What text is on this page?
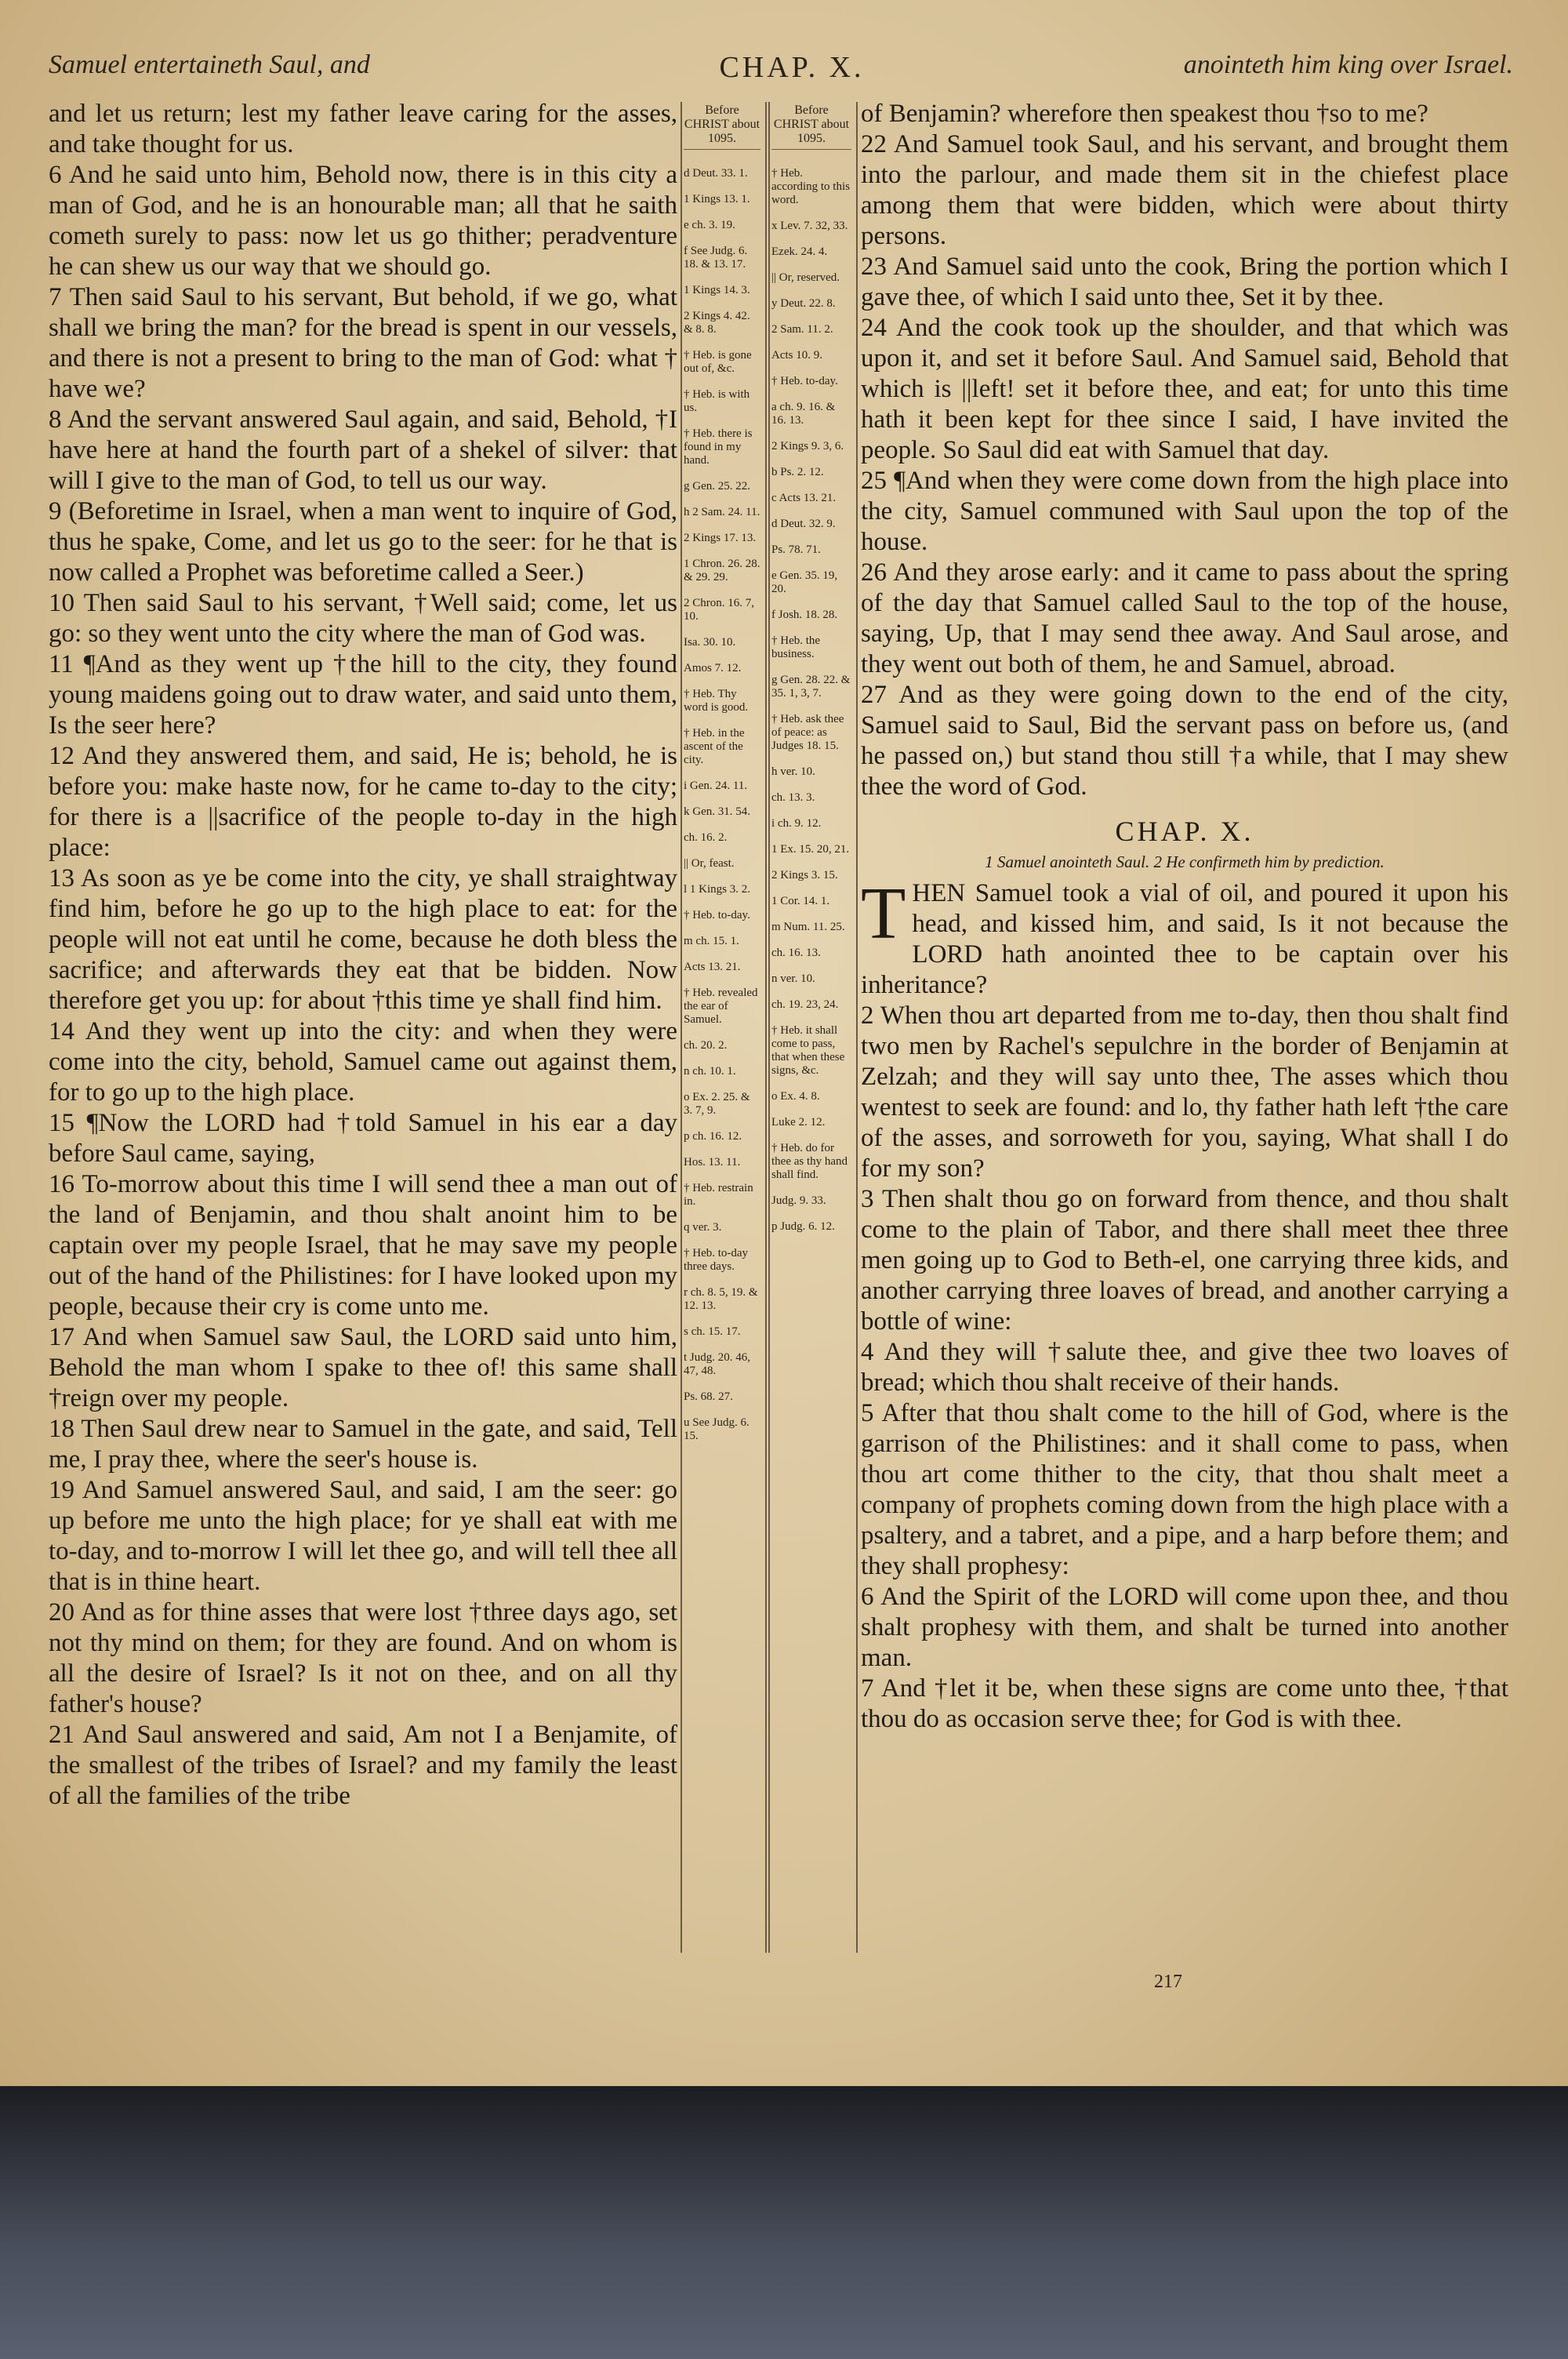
Samuel entertaineth Saul, and	CHAP. X.	anointeth him king over Israel.

and let us return; lest my father leave caring for the asses, and take thought for us.

6 And he said unto him, Behold now, there is in this city a man of God, and he is an honourable man; all that he saith cometh surely to pass: now let us go thither; peradventure he can shew us our way that we should go.

7 Then said Saul to his servant, But behold, if we go, what shall we bring the man? for the bread is spent in our vessels, and there is not a present to bring to the man of God: what † have we?

8 And the servant answered Saul again, and said, Behold, †I have here at hand the fourth part of a shekel of silver: that will I give to the man of God, to tell us our way.

9 (Beforetime in Israel, when a man went to inquire of God, thus he spake, Come, and let us go to the seer: for he that is now called a Prophet was beforetime called a Seer.)

10 Then said Saul to his servant, †Well said; come, let us go: so they went unto the city where the man of God was.

11 ¶And as they went up †the hill to the city, they found young maidens going out to draw water, and said unto them, Is the seer here?

12 And they answered them, and said, He is; behold, he is before you: make haste now, for he came to-day to the city; for there is a ||sacrifice of the people to-day in the high place:

13 As soon as ye be come into the city, ye shall straightway find him, before he go up to the high place to eat: for the people will not eat until he come, because he doth bless the sacrifice; and afterwards they eat that be bidden. Now therefore get you up: for about †this time ye shall find him.

14 And they went up into the city: and when they were come into the city, behold, Samuel came out against them, for to go up to the high place.

15 ¶Now the LORD had †told Samuel in his ear a day before Saul came, saying,

16 To-morrow about this time I will send thee a man out of the land of Benjamin, and thou shalt anoint him to be captain over my people Israel, that he may save my people out of the hand of the Philistines: for I have looked upon my people, because their cry is come unto me.

17 And when Samuel saw Saul, the LORD said unto him, Behold the man whom I spake to thee of! this same shall †reign over my people.

18 Then Saul drew near to Samuel in the gate, and said, Tell me, I pray thee, where the seer's house is.

19 And Samuel answered Saul, and said, I am the seer: go up before me unto the high place; for ye shall eat with me to-day, and to-morrow I will let thee go, and will tell thee all that is in thine heart.

20 And as for thine asses that were lost †three days ago, set not thy mind on them; for they are found. And on whom is all the desire of Israel? Is it not on thee, and on all thy father's house?

21 And Saul answered and said, Am not I a Benjamite, of the smallest of the tribes of Israel? and my family the least of all the families of the tribe

Before CHRIST about 1095.
d Deut. 33. 1.
1 Kings 13. 1.
e ch. 3. 19.
f See Judg. 6. 18. & 13. 17.
1 Kings 14. 3.
2 Kings 4. 42. & 8. 8.
† Heb. is gone out of, &c.
† Heb. is with us.
† Heb. there is found in my hand.
g Gen. 25. 22.
h 2 Sam. 24. 11.
2 Kings 17. 13.
1 Chron. 26. 28. & 29. 29.
2 Chron. 16. 7, 10.
Isa. 30. 10.
Amos 7. 12.
† Heb. Thy word is good.
† Heb. in the ascent of the city.
i Gen. 24. 11.
k Gen. 31. 54.
ch. 16. 2.
|| Or, feast.
l 1 Kings 3. 2.
† Heb. to-day.
m ch. 15. 1.
Acts 13. 21.
† Heb. revealed the ear of Samuel.
ch. 20. 2.
n ch. 10. 1.
o Ex. 2. 25. & 3. 7, 9.
p ch. 16. 12.
Hos. 13. 11.
† Heb. restrain in.
q ver. 3.
† Heb. to-day three days.
r ch. 8. 5, 19. & 12. 13.
s ch. 15. 17.
t Judg. 20. 46, 47, 48.
Ps. 68. 27.
u See Judg. 6. 15.
Before CHRIST about 1095.
† Heb. according to this word.
x Lev. 7. 32, 33.
Ezek. 24. 4.
|| Or, reserved.
y Deut. 22. 8.
2 Sam. 11. 2.
Acts 10. 9.
† Heb. to-day.
a ch. 9. 16. & 16. 13.
2 Kings 9. 3, 6.
b Ps. 2. 12.
c Acts 13. 21.
d Deut. 32. 9.
Ps. 78. 71.
e Gen. 35. 19, 20.
f Josh. 18. 28.
† Heb. the business.
g Gen. 28. 22. & 35. 1, 3, 7.
† Heb. ask thee of peace: as Judges 18. 15.
h ver. 10.
ch. 13. 3.
i ch. 9. 12.
1 Ex. 15. 20, 21.
2 Kings 3. 15.
1 Cor. 14. 1.
m Num. 11. 25.
ch. 16. 13.
n ver. 10.
ch. 19. 23, 24.
† Heb. it shall come to pass, that when these signs, &c.
o Ex. 4. 8.
Luke 2. 12.
† Heb. do for thee as thy hand shall find.
Judg. 9. 33.
p Judg. 6. 12.

of Benjamin? wherefore then speakest thou †so to me?

22 And Samuel took Saul, and his servant, and brought them into the parlour, and made them sit in the chiefest place among them that were bidden, which were about thirty persons.

23 And Samuel said unto the cook, Bring the portion which I gave thee, of which I said unto thee, Set it by thee.

24 And the cook took up the shoulder, and that which was upon it, and set it before Saul. And Samuel said, Behold that which is ||left! set it before thee, and eat; for unto this time hath it been kept for thee since I said, I have invited the people. So Saul did eat with Samuel that day.

25 ¶And when they were come down from the high place into the city, Samuel communed with Saul upon the top of the house.

26 And they arose early: and it came to pass about the spring of the day that Samuel called Saul to the top of the house, saying, Up, that I may send thee away. And Saul arose, and they went out both of them, he and Samuel, abroad.

27 And as they were going down to the end of the city, Samuel said to Saul, Bid the servant pass on before us, (and he passed on,) but stand thou still †a while, that I may shew thee the word of God.

CHAP. X.
1 Samuel anointeth Saul. 2 He confirmeth him by prediction.

THEN Samuel took a vial of oil, and poured it upon his head, and kissed him, and said, Is it not because the LORD hath anointed thee to be captain over his inheritance?

2 When thou art departed from me to-day, then thou shalt find two men by Rachel's sepulchre in the border of Benjamin at Zelzah; and they will say unto thee, The asses which thou wentest to seek are found: and lo, thy father hath left †the care of the asses, and sorroweth for you, saying, What shall I do for my son?

3 Then shalt thou go on forward from thence, and thou shalt come to the plain of Tabor, and there shall meet thee three men going up to God to Beth-el, one carrying three kids, and another carrying three loaves of bread, and another carrying a bottle of wine:

4 And they will †salute thee, and give thee two loaves of bread; which thou shalt receive of their hands.

5 After that thou shalt come to the hill of God, where is the garrison of the Philistines: and it shall come to pass, when thou art come thither to the city, that thou shalt meet a company of prophets coming down from the high place with a psaltery, and a tabret, and a pipe, and a harp before them; and they shall prophesy:

6 And the Spirit of the LORD will come upon thee, and thou shalt prophesy with them, and shalt be turned into another man.

7 And †let it be, when these signs are come unto thee, †that thou do as occasion serve thee; for God is with thee.

217
